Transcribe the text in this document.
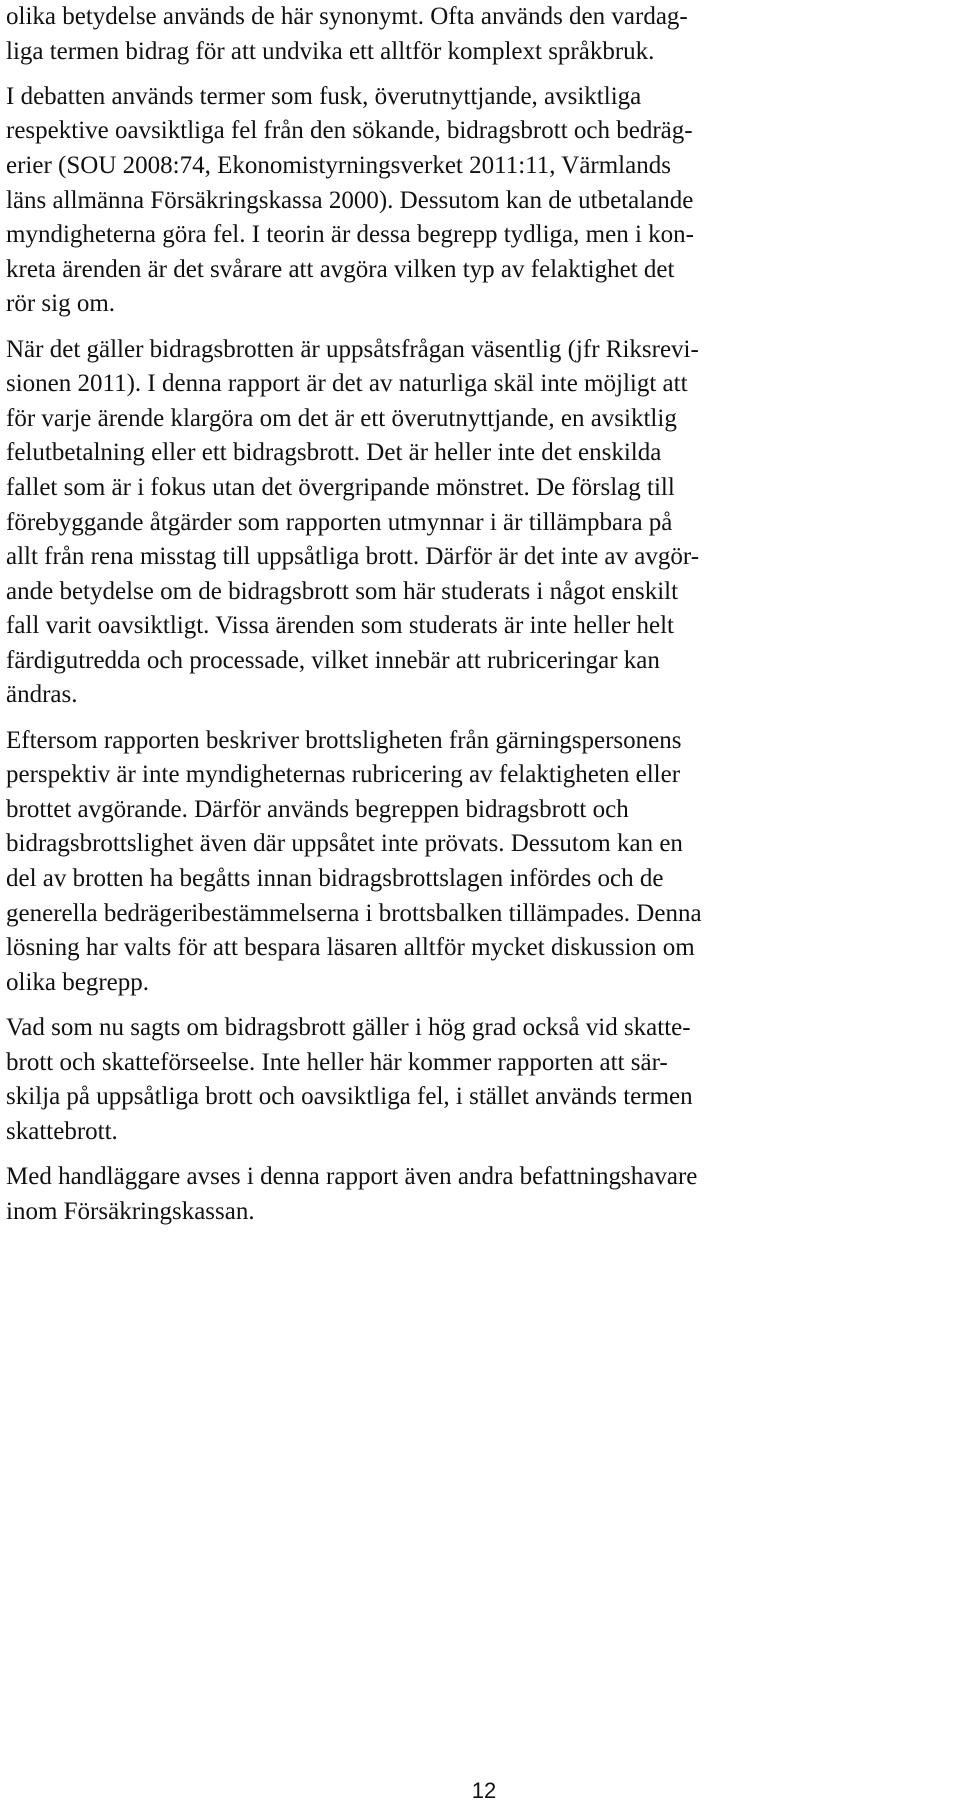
olika betydelse används de här synonymt. Ofta används den vardag-
liga termen bidrag för att undvika ett alltför komplext språkbruk.
I debatten används termer som fusk, överutnyttjande, avsiktliga
respektive oavsiktliga fel från den sökande, bidragsbrott och bedräg-
erier (SOU 2008:74, Ekonomistyrningsverket 2011:11, Värmlands
läns allmänna Försäkringskassa 2000). Dessutom kan de utbetalande
myndigheterna göra fel. I teorin är dessa begrepp tydliga, men i kon-
kreta ärenden är det svårare att avgöra vilken typ av felaktighet det
rör sig om.
När det gäller bidragsbrotten är uppsåtsfrågan väsentlig (jfr Riksrevi-
sionen 2011). I denna rapport är det av naturliga skäl inte möjligt att
för varje ärende klargöra om det är ett överutnyttjande, en avsiktlig
felutbetalning eller ett bidragsbrott. Det är heller inte det enskilda
fallet som är i fokus utan det övergripande mönstret. De förslag till
förebyggande åtgärder som rapporten utmynnar i är tillämpbara på
allt från rena misstag till uppsåtliga brott. Därför är det inte av avgör-
ande betydelse om de bidragsbrott som här studerats i något enskilt
fall varit oavsiktligt. Vissa ärenden som studerats är inte heller helt
färdigutredda och processade, vilket innebär att rubriceringar kan
ändras.
Eftersom rapporten beskriver brottsligheten från gärningspersonens
perspektiv är inte myndigheternas rubricering av felaktigheten eller
brottet avgörande. Därför används begreppen bidragsbrott och
bidragsbrottslighet även där uppsåtet inte prövats. Dessutom kan en
del av brotten ha begåtts innan bidragsbrottslagen infördes och de
generella bedrägeribestämmelserna i brottsbalken tillämpades. Denna
lösning har valts för att bespara läsaren alltför mycket diskussion om
olika begrepp.
Vad som nu sagts om bidragsbrott gäller i hög grad också vid skatte-
brott och skatteförseelse. Inte heller här kommer rapporten att sär-
skilja på uppsåtliga brott och oavsiktliga fel, i stället används termen
skattebrott.
Med handläggare avses i denna rapport även andra befattningshavare
inom Försäkringskassan.
12
